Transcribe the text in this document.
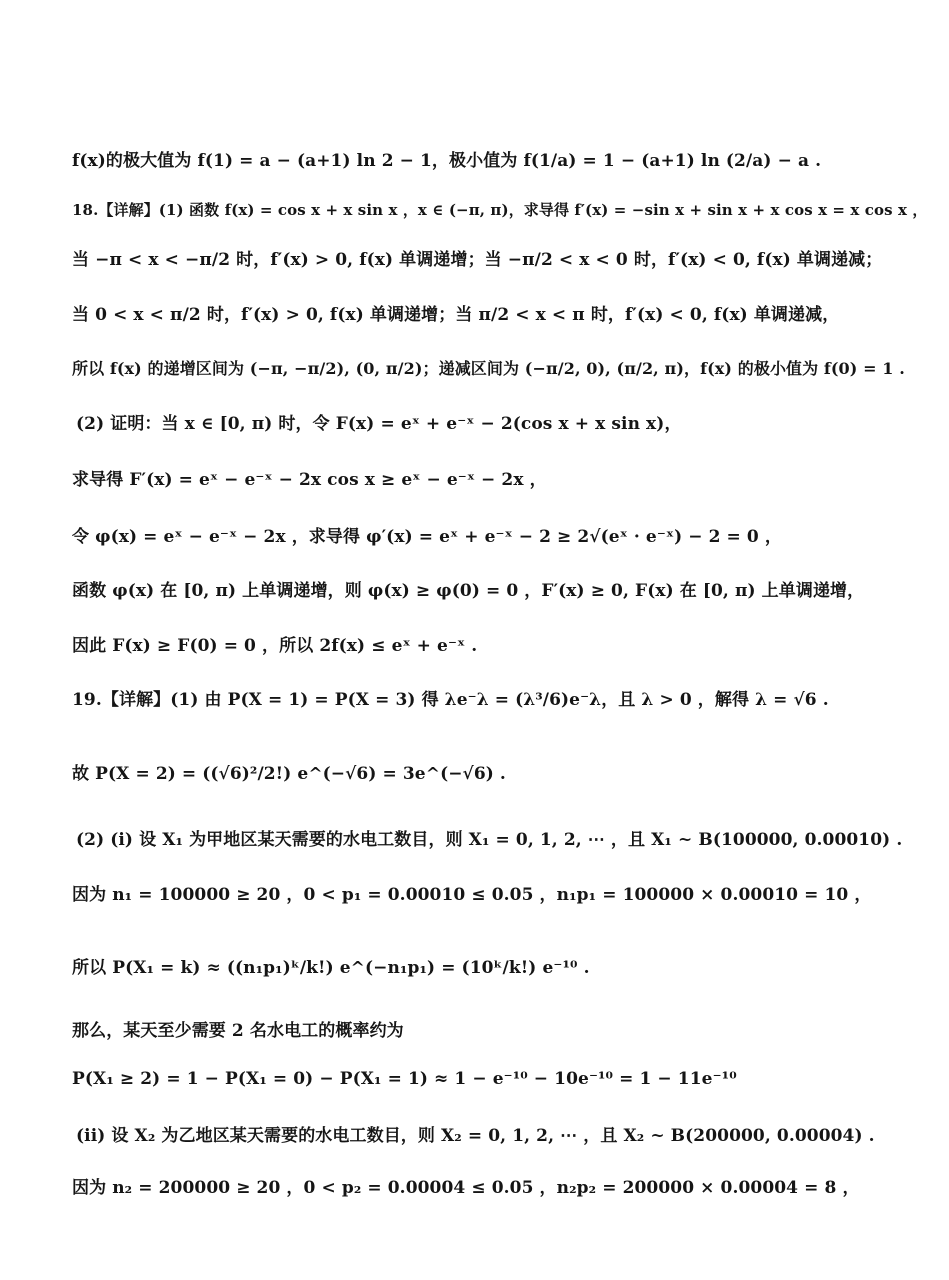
f(x)的极大值为 f(1) = a − (a+1) ln 2 − 1，极小值为 f(1/a) = 1 − (a+1) ln (2/a) − a .
18.【详解】(1) 函数 f(x) = cos x + x sin x ，x ∈ (−π, π)，求导得 f′(x) = −sin x + sin x + x cos x = x cos x ，
当 −π < x < −π/2 时，f′(x) > 0, f(x) 单调递增；当 −π/2 < x < 0 时，f′(x) < 0, f(x) 单调递减；
当 0 < x < π/2 时，f′(x) > 0, f(x) 单调递增；当 π/2 < x < π 时，f′(x) < 0, f(x) 单调递减，
所以 f(x) 的递增区间为 (−π, −π/2), (0, π/2)；递减区间为 (−π/2, 0), (π/2, π)，f(x) 的极小值为 f(0) = 1 .
(2) 证明：当 x ∈ [0, π) 时，令 F(x) = eˣ + e⁻ˣ − 2(cos x + x sin x)，
求导得 F′(x) = eˣ − e⁻ˣ − 2x cos x ≥ eˣ − e⁻ˣ − 2x ，
令 φ(x) = eˣ − e⁻ˣ − 2x ，求导得 φ′(x) = eˣ + e⁻ˣ − 2 ≥ 2√(eˣ · e⁻ˣ) − 2 = 0 ，
函数 φ(x) 在 [0, π) 上单调递增，则 φ(x) ≥ φ(0) = 0 ，F′(x) ≥ 0, F(x) 在 [0, π) 上单调递增，
因此 F(x) ≥ F(0) = 0 ，所以 2f(x) ≤ eˣ + e⁻ˣ .
19.【详解】(1) 由 P(X = 1) = P(X = 3) 得 λe⁻λ = (λ³/6)e⁻λ，且 λ > 0 ，解得 λ = √6 .
故 P(X = 2) = ((√6)²/2!) e^(−√6) = 3e^(−√6) .
(2) (i) 设 X₁ 为甲地区某天需要的水电工数目，则 X₁ = 0, 1, 2, ⋯ ，且 X₁ ~ B(100000, 0.00010) .
因为 n₁ = 100000 ≥ 20 ，0 < p₁ = 0.00010 ≤ 0.05 ，n₁p₁ = 100000 × 0.00010 = 10 ，
所以 P(X₁ = k) ≈ ((n₁p₁)ᵏ/k!) e^(−n₁p₁) = (10ᵏ/k!) e⁻¹⁰ .
那么，某天至少需要 2 名水电工的概率约为
P(X₁ ≥ 2) = 1 − P(X₁ = 0) − P(X₁ = 1) ≈ 1 − e⁻¹⁰ − 10e⁻¹⁰ = 1 − 11e⁻¹⁰
(ii) 设 X₂ 为乙地区某天需要的水电工数目，则 X₂ = 0, 1, 2, ⋯ ，且 X₂ ~ B(200000, 0.00004) .
因为 n₂ = 200000 ≥ 20 ，0 < p₂ = 0.00004 ≤ 0.05 ，n₂p₂ = 200000 × 0.00004 = 8 ，
